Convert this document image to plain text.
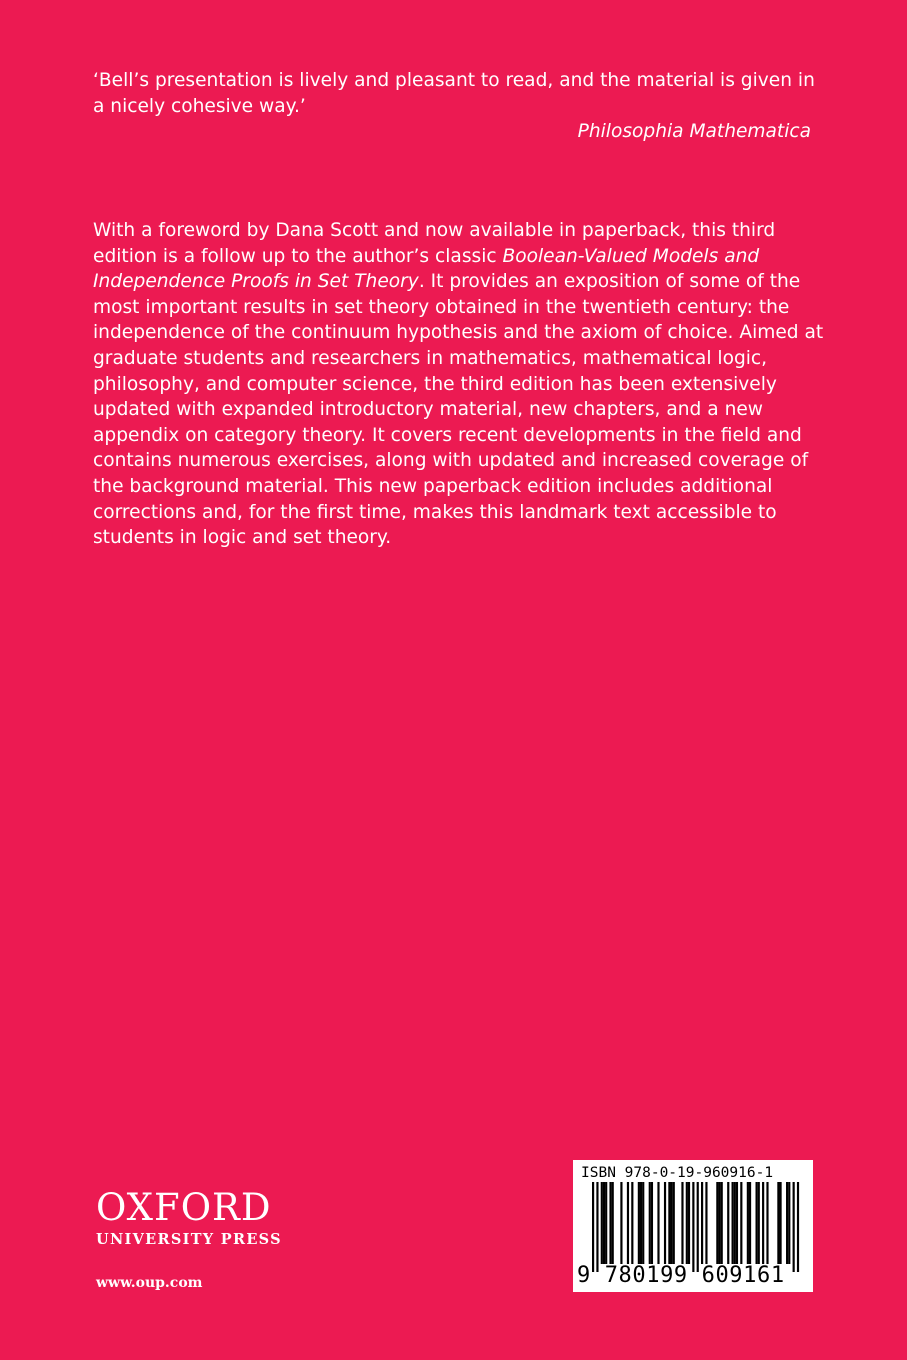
‘Bell’s presentation is lively and pleasant to read, and the material is given in a nicely cohesive way.’

Philosophia Mathematica

With a foreword by Dana Scott and now available in paperback, this third edition is a follow up to the author’s classic Boolean-Valued Models and Independence Proofs in Set Theory. It provides an exposition of some of the most important results in set theory obtained in the twentieth century: the independence of the continuum hypothesis and the axiom of choice. Aimed at graduate students and researchers in mathematics, mathematical logic, philosophy, and computer science, the third edition has been extensively updated with expanded introductory material, new chapters, and a new appendix on category theory. It covers recent developments in the field and contains numerous exercises, along with updated and increased coverage of the background material. This new paperback edition includes additional corrections and, for the first time, makes this landmark text accessible to students in logic and set theory.

OXFORD

UNIVERSITY PRESS

www.oup.com
ISBN 978-0-19-960916-1
9 780199 609161
